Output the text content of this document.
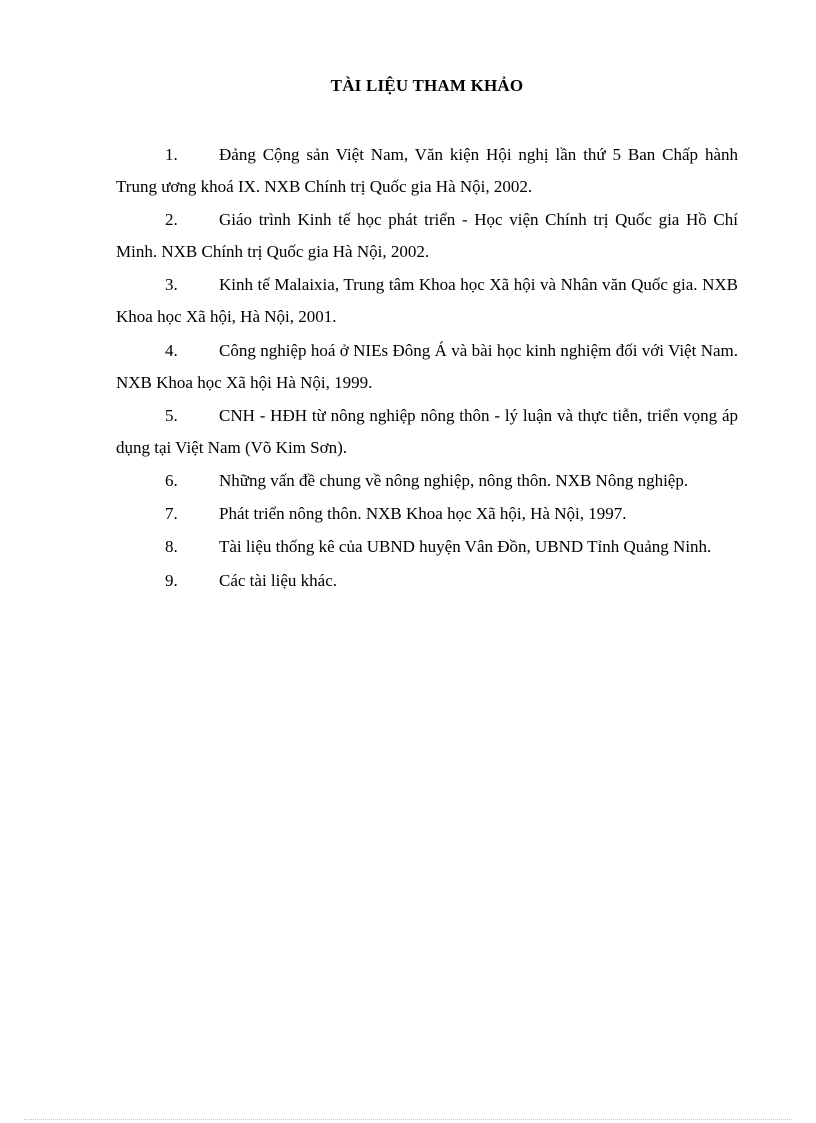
TÀI LIỆU THAM KHẢO
1. Đảng Cộng sản Việt Nam, Văn kiện Hội nghị lần thứ 5 Ban Chấp hành Trung ương khoá IX. NXB Chính trị Quốc gia Hà Nội, 2002.
2. Giáo trình Kinh tế học phát triển - Học viện Chính trị Quốc gia Hồ Chí Minh. NXB Chính trị Quốc gia Hà Nội, 2002.
3. Kinh tế Malaixia, Trung tâm Khoa học Xã hội và Nhân văn Quốc gia. NXB Khoa học Xã hội, Hà Nội, 2001.
4. Công nghiệp hoá ở NIEs Đông Á và bài học kinh nghiệm đối với Việt Nam. NXB Khoa học Xã hội Hà Nội, 1999.
5. CNH - HĐH từ nông nghiệp nông thôn - lý luận và thực tiễn, triển vọng áp dụng tại Việt Nam (Võ Kim Sơn).
6. Những vấn đề chung về nông nghiệp, nông thôn. NXB Nông nghiệp.
7. Phát triển nông thôn. NXB Khoa học Xã hội, Hà Nội, 1997.
8. Tài liệu thống kê của UBND huyện Vân Đồn, UBND Tỉnh Quảng Ninh.
9. Các tài liệu khác.
